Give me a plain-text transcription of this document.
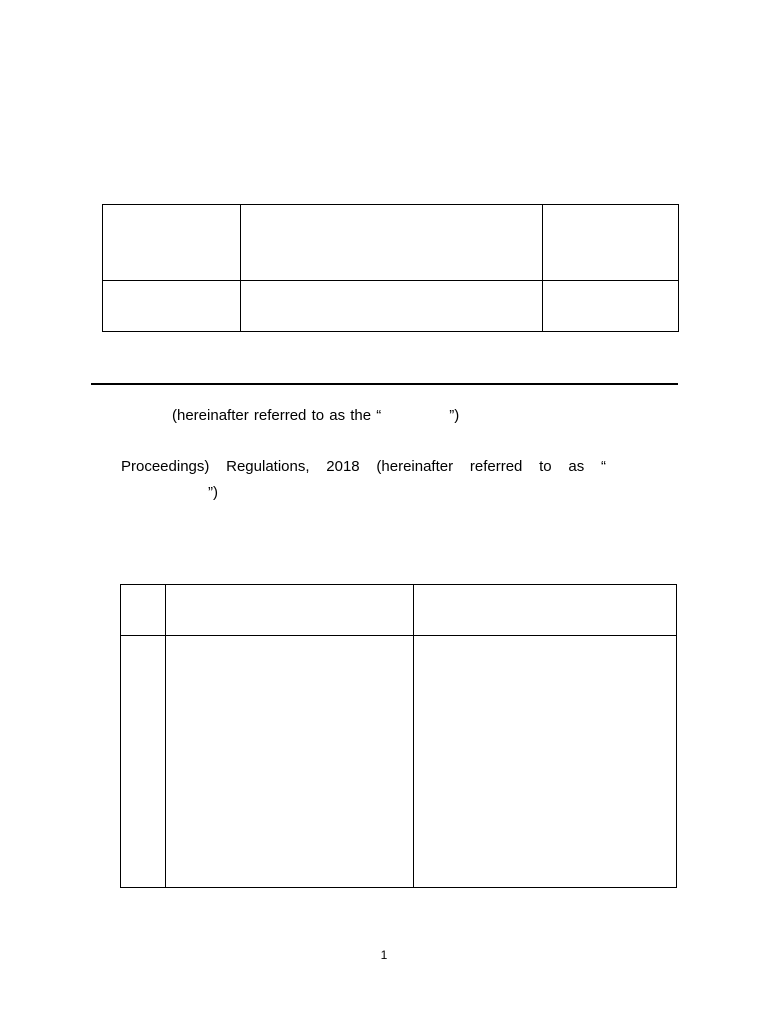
(hereinafter referred to as the “	”)
Proceedings) Regulations, 2018 (hereinafter referred to as “
”)

1
